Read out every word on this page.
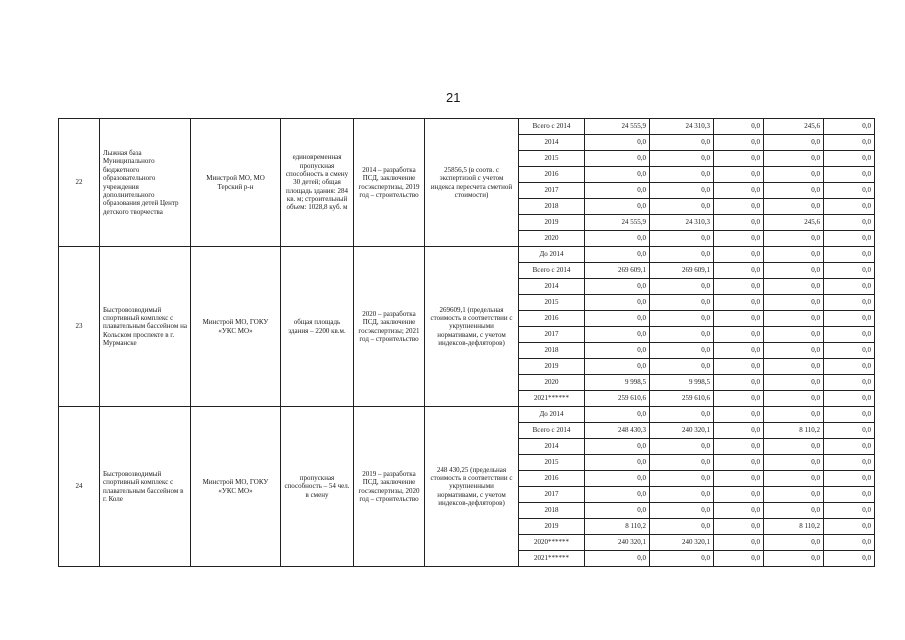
21
22	Лыжная база Муниципального бюджетного образовательного учреждения дополнительного образования детей Центр детского творчества	Минстрой МО, МО Терский р-н	единовременная пропускная способность в смену 30 детей; общая площадь здания: 284 кв. м; строительный объем: 1028,8 куб. м	2014 – разработка ПСД, заключение госэкспертизы, 2019 год – строительство	25856,5 (в соотв. с экспертизой с учетом индекса пересчета сметной стоимости)	Всего с 2014	24 555,9	24 310,3	0,0	245,6	0,0
						2014	0,0	0,0	0,0	0,0	0,0
						2015	0,0	0,0	0,0	0,0	0,0
						2016	0,0	0,0	0,0	0,0	0,0
						2017	0,0	0,0	0,0	0,0	0,0
						2018	0,0	0,0	0,0	0,0	0,0
						2019	24 555,9	24 310,3	0,0	245,6	0,0
						2020	0,0	0,0	0,0	0,0	0,0
23	Быстровозводимый спортивный комплекс с плавательным бассейном на Кольском проспекте в г. Мурманске	Минстрой МО, ГОКУ «УКС МО»	общая площадь здания – 2200 кв.м.	2020 – разработка ПСД, заключение госэкспертизы; 2021 год – строительство	269609,1 (предельная стоимость в соответствии с укрупненными нормативами, с учетом индексов-дефляторов)	До 2014	0,0	0,0	0,0	0,0	0,0
						Всего с 2014	269 609,1	269 609,1	0,0	0,0	0,0
						2014	0,0	0,0	0,0	0,0	0,0
						2015	0,0	0,0	0,0	0,0	0,0
						2016	0,0	0,0	0,0	0,0	0,0
						2017	0,0	0,0	0,0	0,0	0,0
						2018	0,0	0,0	0,0	0,0	0,0
						2019	0,0	0,0	0,0	0,0	0,0
						2020	9 998,5	9 998,5	0,0	0,0	0,0
						2021******	259 610,6	259 610,6	0,0	0,0	0,0
24	Быстровозводимый спортивный комплекс с плавательным бассейном в г. Коле	Минстрой МО, ГОКУ «УКС МО»	пропускная способность – 54 чел. в смену	2019 – разработка ПСД, заключение госэкспертизы, 2020 год – строительство	248 430,25 (предельная стоимость в соответствии с укрупненными нормативами, с учетом индексов-дефляторов)	До 2014	0,0	0,0	0,0	0,0	0,0
						Всего с 2014	248 430,3	240 320,1	0,0	8 110,2	0,0
						2014	0,0	0,0	0,0	0,0	0,0
						2015	0,0	0,0	0,0	0,0	0,0
						2016	0,0	0,0	0,0	0,0	0,0
						2017	0,0	0,0	0,0	0,0	0,0
						2018	0,0	0,0	0,0	0,0	0,0
						2019	8 110,2	0,0	0,0	8 110,2	0,0
						2020******	240 320,1	240 320,1	0,0	0,0	0,0
						2021******	0,0	0,0	0,0	0,0	0,0
